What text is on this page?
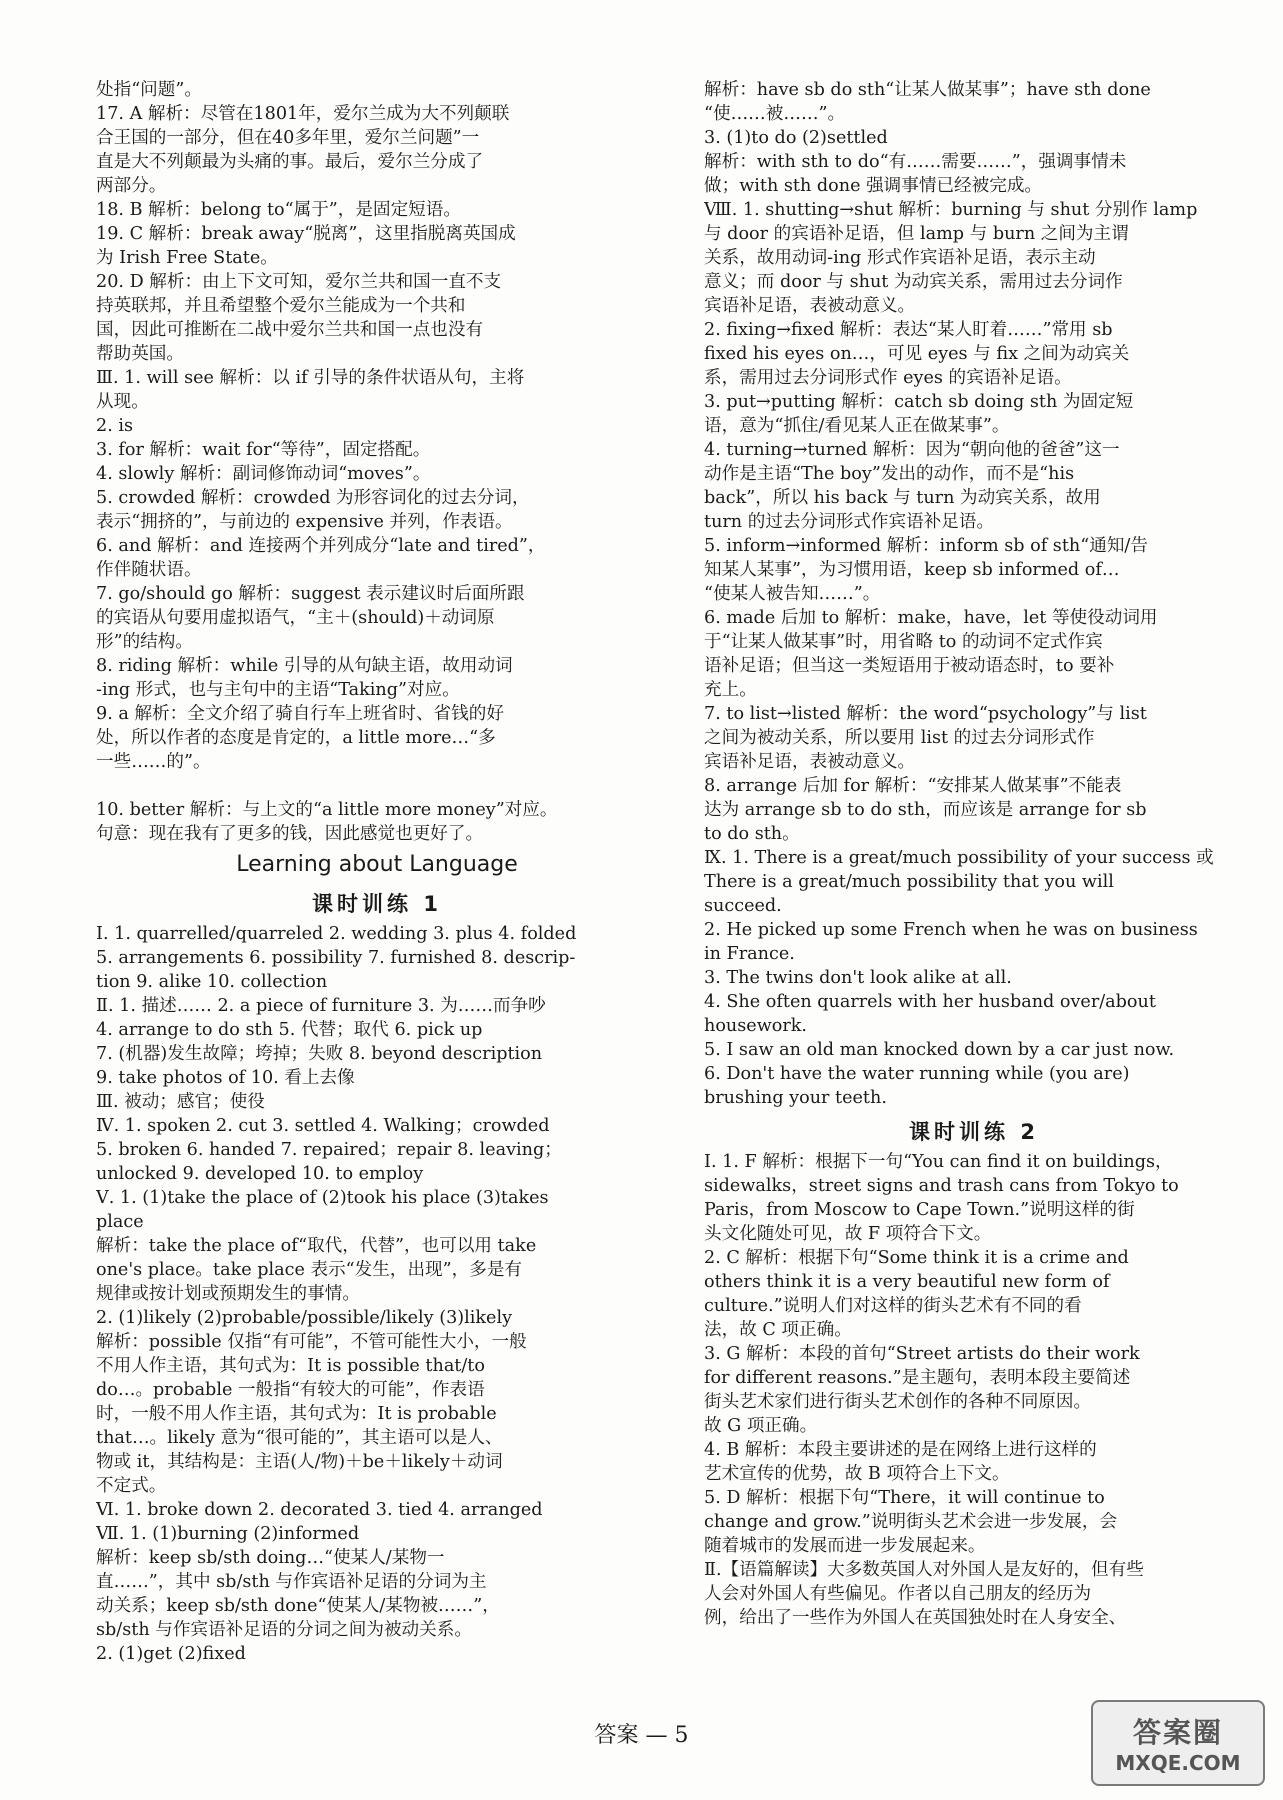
处指“问题”。
17. A 解析：尽管在1801年，爱尔兰成为大不列颠联
合王国的一部分，但在40多年里，爱尔兰问题”一
直是大不列颠最为头痛的事。最后，爱尔兰分成了
两部分。
18. B 解析：belong to“属于”，是固定短语。
19. C 解析：break away“脱离”，这里指脱离英国成
为 Irish Free State。
20. D 解析：由上下文可知，爱尔兰共和国一直不支
持英联邦，并且希望整个爱尔兰能成为一个共和
国，因此可推断在二战中爱尔兰共和国一点也没有
帮助英国。
Ⅲ. 1. will see 解析：以 if 引导的条件状语从句，主将
从现。
2. is
3. for 解析：wait for“等待”，固定搭配。
4. slowly 解析：副词修饰动词“moves”。
5. crowded 解析：crowded 为形容词化的过去分词，
表示“拥挤的”，与前边的 expensive 并列，作表语。
6. and 解析：and 连接两个并列成分“late and tired”，
作伴随状语。
7. go/should go 解析：suggest 表示建议时后面所跟
的宾语从句要用虚拟语气，“主＋(should)＋动词原
形”的结构。
8. riding 解析：while 引导的从句缺主语，故用动词
-ing 形式，也与主句中的主语“Taking”对应。
9. a 解析：全文介绍了骑自行车上班省时、省钱的好
处，所以作者的态度是肯定的，a little more…“多
一些……的”。
10. better 解析：与上文的“a little more money”对应。
句意：现在我有了更多的钱，因此感觉也更好了。
Learning about Language
课时训练 1
Ⅰ. 1. quarrelled/quarreled 2. wedding 3. plus 4. folded
5. arrangements 6. possibility 7. furnished 8. descrip-
tion 9. alike 10. collection
Ⅱ. 1. 描述…… 2. a piece of furniture 3. 为……而争吵
4. arrange to do sth 5. 代替；取代 6. pick up
7. (机器)发生故障；垮掉；失败 8. beyond description
9. take photos of 10. 看上去像
Ⅲ. 被动；感官；使役
Ⅳ. 1. spoken 2. cut 3. settled 4. Walking；crowded
5. broken 6. handed 7. repaired；repair 8. leaving；
unlocked 9. developed 10. to employ
Ⅴ. 1. (1)take the place of (2)took his place (3)takes
place
解析：take the place of“取代，代替”，也可以用 take
one's place。take place 表示“发生，出现”，多是有
规律或按计划或预期发生的事情。
2. (1)likely (2)probable/possible/likely (3)likely
解析：possible 仅指“有可能”，不管可能性大小，一般
不用人作主语，其句式为：It is possible that/to
do…。probable 一般指“有较大的可能”，作表语
时，一般不用人作主语，其句式为：It is probable
that…。likely 意为“很可能的”，其主语可以是人、
物或 it，其结构是：主语(人/物)＋be＋likely＋动词
不定式。
Ⅵ. 1. broke down 2. decorated 3. tied 4. arranged
Ⅶ. 1. (1)burning (2)informed
解析：keep sb/sth doing…“使某人/某物一
直……”，其中 sb/sth 与作宾语补足语的分词为主
动关系；keep sb/sth done“使某人/某物被……”，
sb/sth 与作宾语补足语的分词之间为被动关系。
2. (1)get (2)fixed
解析：have sb do sth“让某人做某事”；have sth done
“使……被……”。
3. (1)to do (2)settled
解析：with sth to do“有……需要……”，强调事情未
做；with sth done 强调事情已经被完成。
Ⅷ. 1. shutting→shut 解析：burning 与 shut 分别作 lamp
与 door 的宾语补足语，但 lamp 与 burn 之间为主谓
关系，故用动词-ing 形式作宾语补足语，表示主动
意义；而 door 与 shut 为动宾关系，需用过去分词作
宾语补足语，表被动意义。
2. fixing→fixed 解析：表达“某人盯着……”常用 sb
fixed his eyes on…，可见 eyes 与 fix 之间为动宾关
系，需用过去分词形式作 eyes 的宾语补足语。
3. put→putting 解析：catch sb doing sth 为固定短
语，意为“抓住/看见某人正在做某事”。
4. turning→turned 解析：因为“朝向他的爸爸”这一
动作是主语“The boy”发出的动作，而不是“his
back”，所以 his back 与 turn 为动宾关系，故用
turn 的过去分词形式作宾语补足语。
5. inform→informed 解析：inform sb of sth“通知/告
知某人某事”，为习惯用语，keep sb informed of…
“使某人被告知……”。
6. made 后加 to 解析：make，have，let 等使役动词用
于“让某人做某事”时，用省略 to 的动词不定式作宾
语补足语；但当这一类短语用于被动语态时，to 要补
充上。
7. to list→listed 解析：the word“psychology”与 list
之间为被动关系，所以要用 list 的过去分词形式作
宾语补足语，表被动意义。
8. arrange 后加 for 解析：“安排某人做某事”不能表
达为 arrange sb to do sth，而应该是 arrange for sb
to do sth。
Ⅸ. 1. There is a great/much possibility of your success 或
There is a great/much possibility that you will
succeed.
2. He picked up some French when he was on business
in France.
3. The twins don't look alike at all.
4. She often quarrels with her husband over/about
housework.
5. I saw an old man knocked down by a car just now.
6. Don't have the water running while (you are)
brushing your teeth.
课时训练 2
Ⅰ. 1. F 解析：根据下一句“You can find it on buildings，
sidewalks，street signs and trash cans from Tokyo to
Paris，from Moscow to Cape Town.”说明这样的街
头文化随处可见，故 F 项符合下文。
2. C 解析：根据下句“Some think it is a crime and
others think it is a very beautiful new form of
culture.”说明人们对这样的街头艺术有不同的看
法，故 C 项正确。
3. G 解析：本段的首句“Street artists do their work
for different reasons.”是主题句，表明本段主要简述
街头艺术家们进行街头艺术创作的各种不同原因。
故 G 项正确。
4. B 解析：本段主要讲述的是在网络上进行这样的
艺术宣传的优势，故 B 项符合上下文。
5. D 解析：根据下句“There，it will continue to
change and grow.”说明街头艺术会进一步发展，会
随着城市的发展而进一步发展起来。
Ⅱ.【语篇解读】大多数英国人对外国人是友好的，但有些
人会对外国人有些偏见。作者以自己朋友的经历为
例，给出了一些作为外国人在英国独处时在人身安全、
答案 — 5	答案圈
MXQE.COM
